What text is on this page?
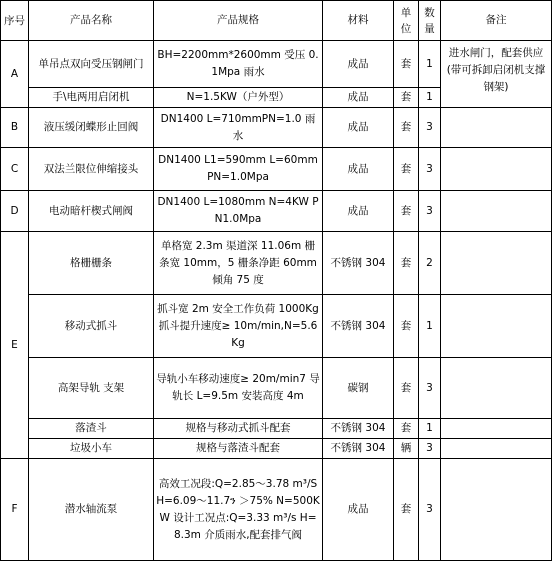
序号	产品名称	产品规格	材料	单位	数量	备注
A	单吊点双向受压钢闸门	BH=2200mm*2600mm 受压 0.1Mpa 雨水	成品	套	1	进水闸门，配套供应(带可拆卸启闭机支撑钢架)
	手\电两用启闭机	N=1.5KW（户外型）	成品	套	1	
B	液压缓闭蝶形止回阀	DN1400 L=710mmPN=1.0 雨水	成品	套	3	
C	双法兰限位伸缩接头	DN1400 L1=590mm L=60mm PN=1.0Mpa	成品	套	3	
D	电动暗杆楔式闸阀	DN1400 L=1080mm N=4KW PN1.0Mpa	成品	套	3	
E	格栅栅条	单格宽 2.3m 渠道深 11.06m 栅条宽 10mm，5 栅条净距 60mm 倾角 75 度	不锈钢 304	套	2	
	移动式抓斗	抓斗宽 2m 安全工作负荷 1000Kg 抓斗提升速度≥ 10m/min,N=5.6Kg	不锈钢 304	套	1	
	高架导轨 支架	导轨小车移动速度≥ 20m/min7 导轨长 L=9.5m 安装高度 4m	碳钢	套	3	
	落渣斗	规格与移动式抓斗配套	不锈钢 304	套	1	
	垃圾小车	规格与落渣斗配套	不锈钢 304	辆	3	
F	潜水轴流泵	高效工况段:Q=2.85～3.78 m³/S H=6.09～11.7ን ＞75% N=500KW 设计工况点:Q=3.33 m³/s H=8.3m 介质雨水,配套排气阀	成品	套	3	
